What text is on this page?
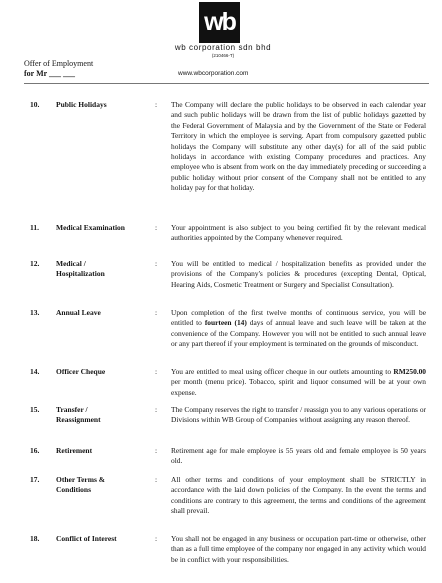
wb
wb corporation sdn bhd
(210466-T)
Offer of Employment
for Mr ___ ___	www.wbcorporation.com
10. Public Holidays	: The Company will declare the public holidays to be observed in each calendar year and such public holidays will be drawn from the list of public holidays gazetted by the Federal Government of Malaysia and by the Government of the State or Federal Territory in which the employee is serving. Apart from compulsory gazetted public holidays the Company will substitute any other day(s) for all of the said public holidays in accordance with existing Company procedures and practices. Any employee who is absent from work on the day immediately preceding or succeeding a public holiday without prior consent of the Company shall not be entitled to any holiday pay for that holiday.

11. Medical Examination	: Your appointment is also subject to you being certified fit by the relevant medical authorities appointed by the Company whenever required.

12. Medical / Hospitalization
: You will be entitled to medical / hospitalization benefits as provided under the provisions of the Company's policies & procedures (excepting Dental, Optical, Hearing Aids, Cosmetic Treatment or Surgery and Specialist Consultation).

13. Annual Leave	: Upon completion of the first twelve months of continuous service, you will be entitled to fourteen (14) days of annual leave and such leave will be taken at the convenience of the Company. However you will not be entitled to such annual leave or any part thereof if your employment is terminated on the grounds of misconduct.

14. Officer Cheque	: You are entitled to meal using officer cheque in our outlets amounting to RM250.00 per month (menu price). Tobacco, spirit and liquor consumed will be at your own expense.

15. Transfer / Reassignment
: The Company reserves the right to transfer / reassign you to any various operations or Divisions within WB Group of Companies without assigning any reason thereof.

16. Retirement	: Retirement age for male employee is 55 years old and female employee is 50 years old.

17. Other Terms & Conditions
: All other terms and conditions of your employment shall be STRICTLY in accordance with the laid down policies of the Company. In the event the terms and conditions are contrary to this agreement, the terms and conditions of the agreement shall prevail.

18. Conflict of Interest	: You shall not be engaged in any business or occupation part-time or otherwise, other than as a full time employee of the company nor engaged in any activity which would be in conflict with your responsibilities.
